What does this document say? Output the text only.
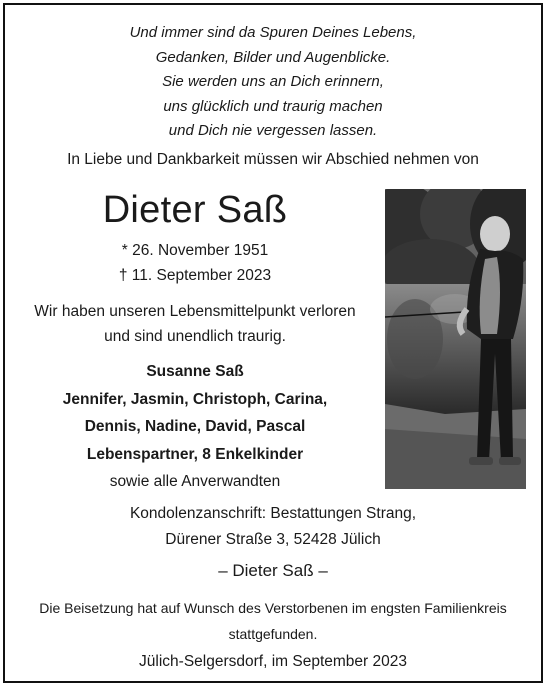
Und immer sind da Spuren Deines Lebens,
Gedanken, Bilder und Augenblicke.
Sie werden uns an Dich erinnern,
uns glücklich und traurig machen
und Dich nie vergessen lassen.
In Liebe und Dankbarkeit müssen wir Abschied nehmen von
Dieter Saß
* 26. November 1951
† 11. September 2023
Wir haben unseren Lebensmittelpunkt verloren
und sind unendlich traurig.
Susanne Saß
Jennifer, Jasmin, Christoph, Carina,
Dennis, Nadine, David, Pascal
Lebenspartner, 8 Enkelkinder
sowie alle Anverwandten
Kondolenzanschrift: Bestattungen Strang,
Dürener Straße 3, 52428 Jülich
– Dieter Saß –
Die Beisetzung hat auf Wunsch des Verstorbenen im engsten Familienkreis
stattgefunden.
Jülich-Selgersdorf, im September 2023
